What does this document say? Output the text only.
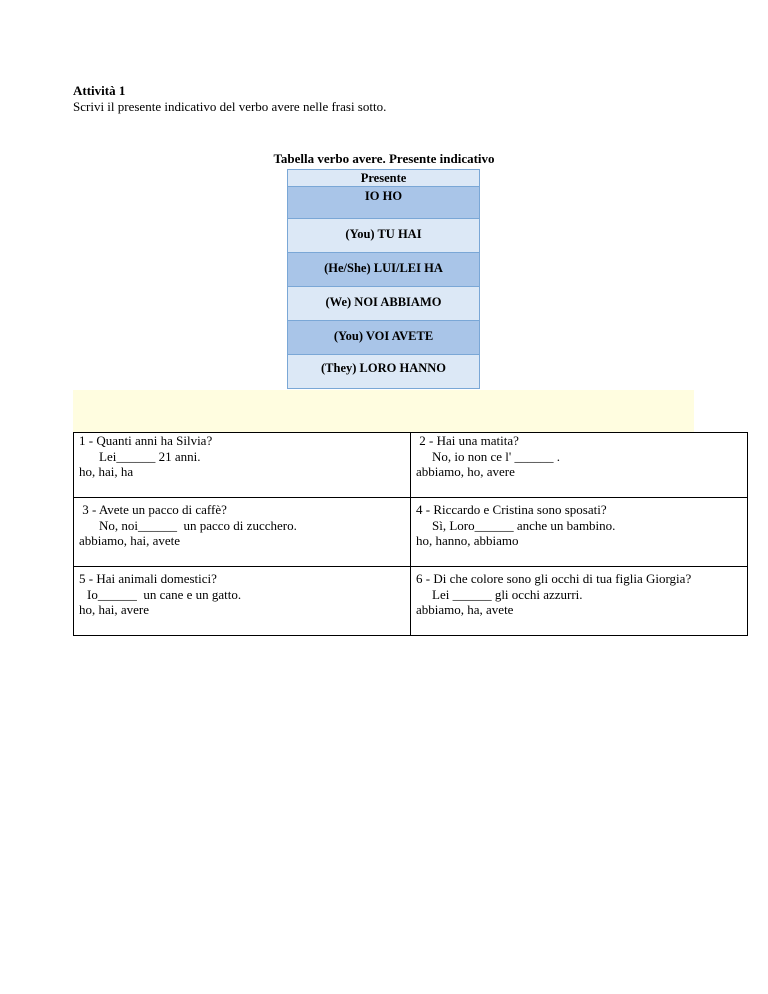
Attività 1
Scrivi il presente indicativo del verbo avere nelle frasi sotto.
Tabella verbo avere. Presente indicativo
Presente
IO HO
(You) TU HAI
(He/She) LUI/LEI HA
(We) NOI ABBIAMO
(You) VOI AVETE
(They) LORO HANNO
1 - Quanti anni ha Silvia?
Lei______ 21 anni.
ho, hai, ha	2 - Hai una matita?
No, io non ce l' ______ .
abbiamo, ho, avere

3 - Avete un pacco di caffè?
No, noi______  un pacco di zucchero.
abbiamo, hai, avete	4 - Riccardo e Cristina sono sposati?
Sì, Loro______ anche un bambino.
ho, hanno, abbiamo

5 - Hai animali domestici?
Io______  un cane e un gatto.
ho, hai, avere	6 - Di che colore sono gli occhi di tua figlia Giorgia?
Lei ______ gli occhi azzurri.
abbiamo, ha, avete
